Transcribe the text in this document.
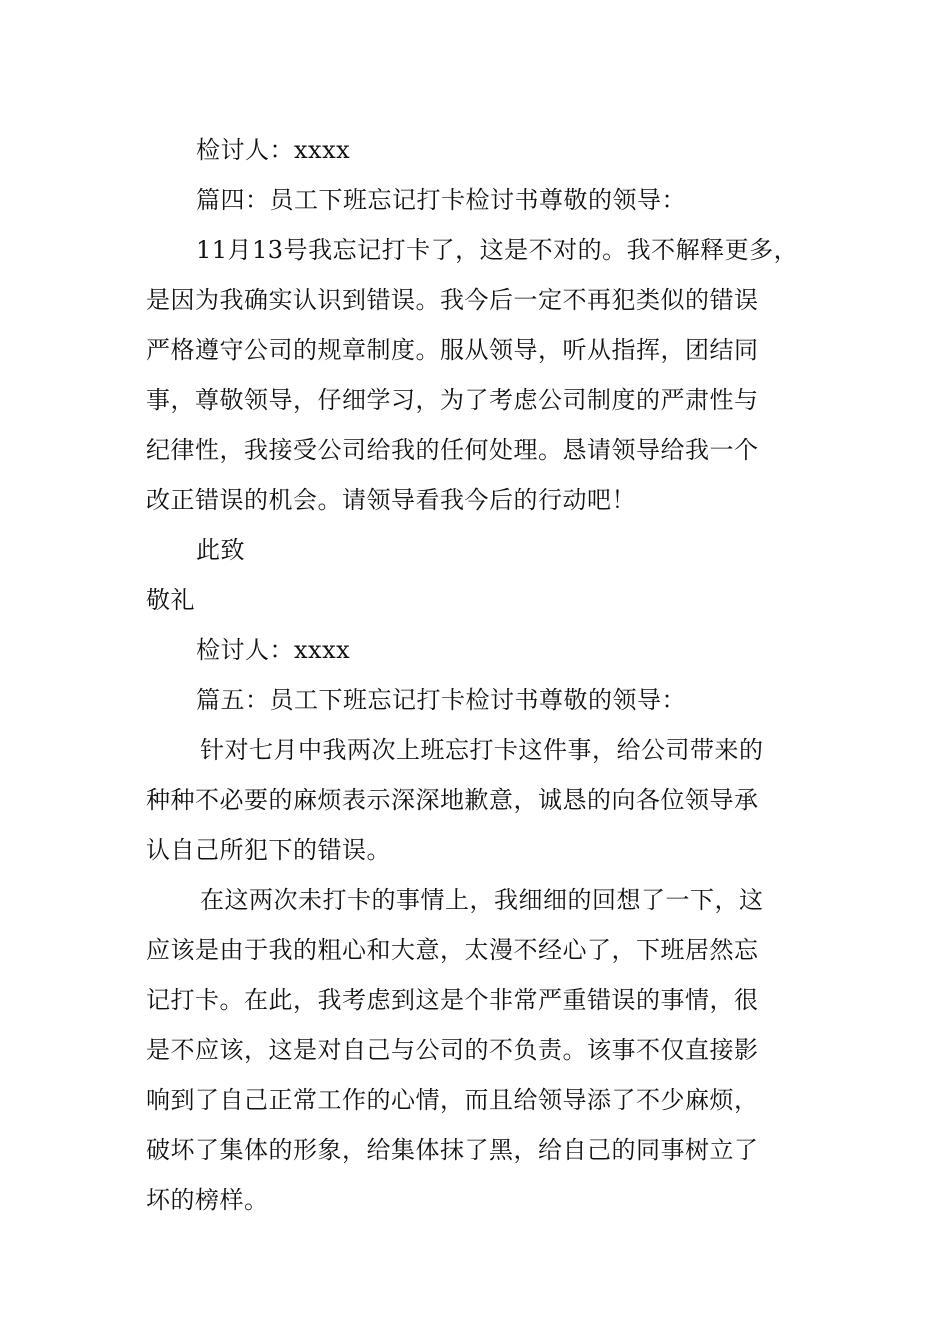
检讨人：xxxx
篇四：员工下班忘记打卡检讨书尊敬的领导：
11月13号我忘记打卡了，这是不对的。我不解释更多，
是因为我确实认识到错误。我今后一定不再犯类似的错误
严格遵守公司的规章制度。服从领导，听从指挥，团结同
事，尊敬领导，仔细学习，为了考虑公司制度的严肃性与
纪律性，我接受公司给我的任何处理。恳请领导给我一个
改正错误的机会。请领导看我今后的行动吧！
此致
敬礼
检讨人：xxxx
篇五：员工下班忘记打卡检讨书尊敬的领导：
针对七月中我两次上班忘打卡这件事，给公司带来的
种种不必要的麻烦表示深深地歉意，诚恳的向各位领导承
认自己所犯下的错误。
在这两次未打卡的事情上，我细细的回想了一下，这
应该是由于我的粗心和大意，太漫不经心了，下班居然忘
记打卡。在此，我考虑到这是个非常严重错误的事情，很
是不应该，这是对自己与公司的不负责。该事不仅直接影
响到了自己正常工作的心情，而且给领导添了不少麻烦，
破坏了集体的形象，给集体抹了黑，给自己的同事树立了
坏的榜样。
